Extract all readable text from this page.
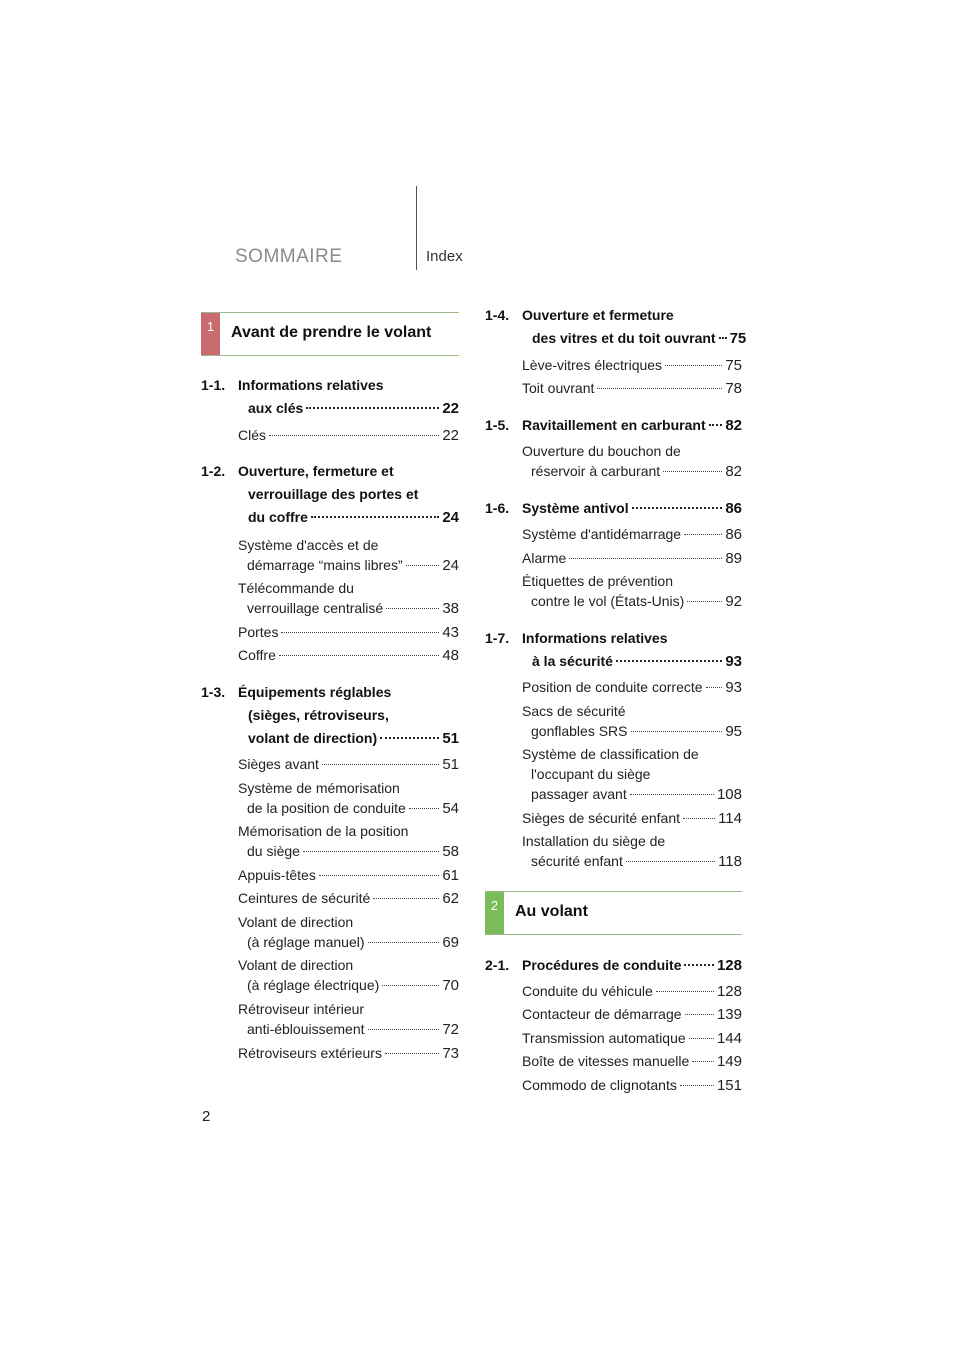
SOMMAIRE	Index
1	Avant de prendre le volant
1-1. Informations relatives
aux clés	22
Clés	22
1-2. Ouverture, fermeture et
verrouillage des portes et
du coffre	24
Système d'accès et de
démarrage “mains libres”	24
Télécommande du
verrouillage centralisé	38
Portes	43
Coffre	48
1-3. Équipements réglables
(sièges, rétroviseurs,
volant de direction)	51
Sièges avant	51
Système de mémorisation
de la position de conduite 54
Mémorisation de la position
du siège	58
Appuis-têtes	61
Ceintures de sécurité	62
Volant de direction
(à réglage manuel)	69
Volant de direction
(à réglage électrique)	70
Rétroviseur intérieur
anti-éblouissement	72
Rétroviseurs extérieurs	73
1-4. Ouverture et fermeture
des vitres et du toit ouvrant 75
Lève-vitres électriques	75
Toit ouvrant	78
1-5. Ravitaillement en carburant 82
Ouverture du bouchon de
réservoir à carburant	82
1-6. Système antivol	86
Système d'antidémarrage	86
Alarme	89
Étiquettes de prévention
contre le vol (États-Unis)	92
1-7. Informations relatives
à la sécurité	93
Position de conduite correcte 93
Sacs de sécurité
gonflables SRS	95
Système de classification de
l'occupant du siège
passager avant	108
Sièges de sécurité enfant	114
Installation du siège de
sécurité enfant	118
2	Au volant
2-1. Procédures de conduite 128
Conduite du véhicule	128
Contacteur de démarrage 139
Transmission automatique 144
Boîte de vitesses manuelle 149
Commodo de clignotants	151
2
